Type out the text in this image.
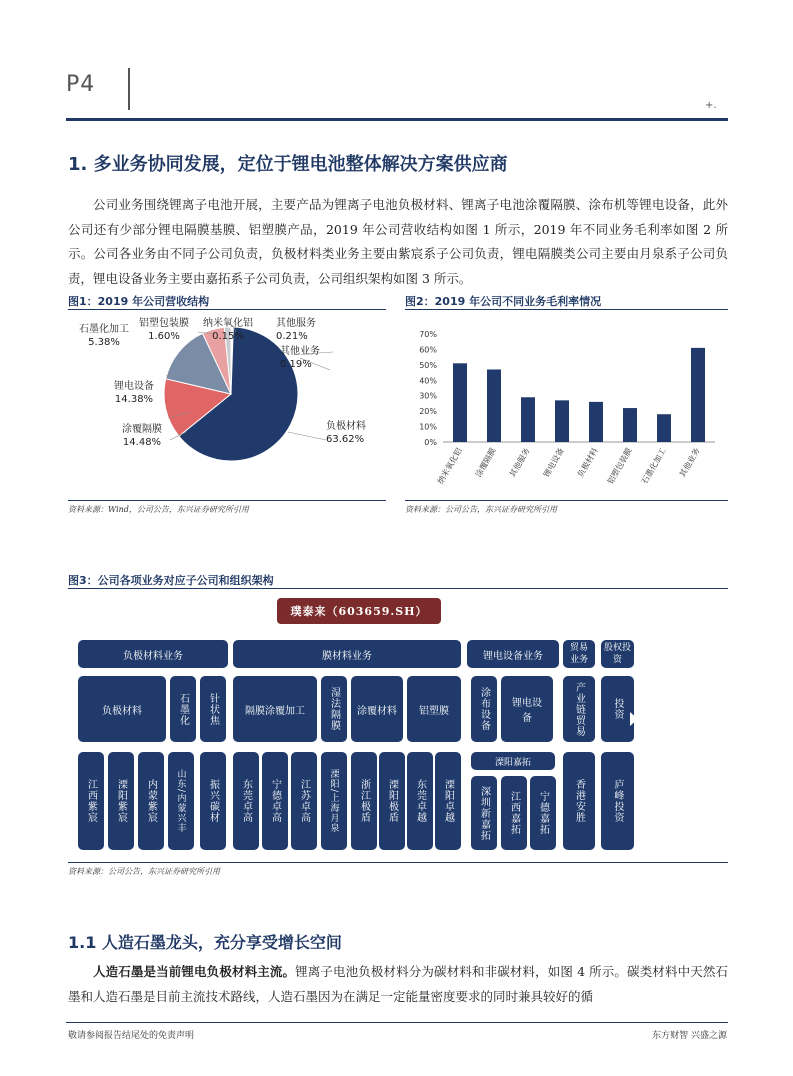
P4
+.
1. 多业务协同发展，定位于锂电池整体解决方案供应商

公司业务围绕锂离子电池开展，主要产品为锂离子电池负极材料、锂离子电池涂覆隔膜、涂布机等锂电设备，此外公司还有少部分锂电隔膜基膜、铝塑膜产品，2019 年公司营收结构如图 1 所示，2019 年不同业务毛利率如图 2 所示。公司各业务由不同子公司负责，负极材料类业务主要由紫宸系子公司负责，锂电隔膜类公司主要由月泉系子公司负责，锂电设备业务主要由嘉拓系子公司负责，公司组织架构如图 3 所示。

图1：2019 年公司营收结构
石墨化加工
5.38%
铝塑包装膜
1.60%
纳米氧化铝
0.15%
其他服务
0.21%
其他业务
0.19%
锂电设备
14.38%
涂覆隔膜
14.48%
负极材料
63.62%
资料来源：Wind，公司公告，东兴证券研究所引用
图2：2019 年公司不同业务毛利率情况
0%
10%
20%
30%
40%
50%
60%
70%
纳米氧化铝 涂覆隔膜 其他服务 锂电设备 负极材料 铝塑包装膜 石墨化加工 其他业务
资料来源：公司公告，东兴证券研究所引用
图3：公司各项业务对应子公司和组织架构
璞泰来（603659.SH）
负极材料业务	膜材料业务	锂电设备业务
贸易业务
股权投资
负极材料	石墨化	针状焦	隔膜涂覆加工	湿法隔膜	涂覆材料	铝塑膜	涂布设备	锂电设备	产业链贸易	投资
溧阳嘉拓
江西紫宸	溧阳紫宸	内蒙紫宸	山东/内蒙兴丰	振兴碳材	东莞卓高	宁德卓高	江苏卓高	溧阳/上海月泉	浙江极盾	溧阳极盾	东莞卓越	溧阳卓越	深圳新嘉拓	江西嘉拓	宁德嘉拓	香港安胜	庐峰投资
资料来源：公司公告，东兴证券研究所引用
1.1 人造石墨龙头，充分享受增长空间

人造石墨是当前锂电负极材料主流。锂离子电池负极材料分为碳材料和非碳材料，如图 4 所示。碳类材料中天然石墨和人造石墨是目前主流技术路线，人造石墨因为在满足一定能量密度要求的同时兼具较好的循

敬请参阅报告结尾处的免责声明	东方财智 兴盛之源
